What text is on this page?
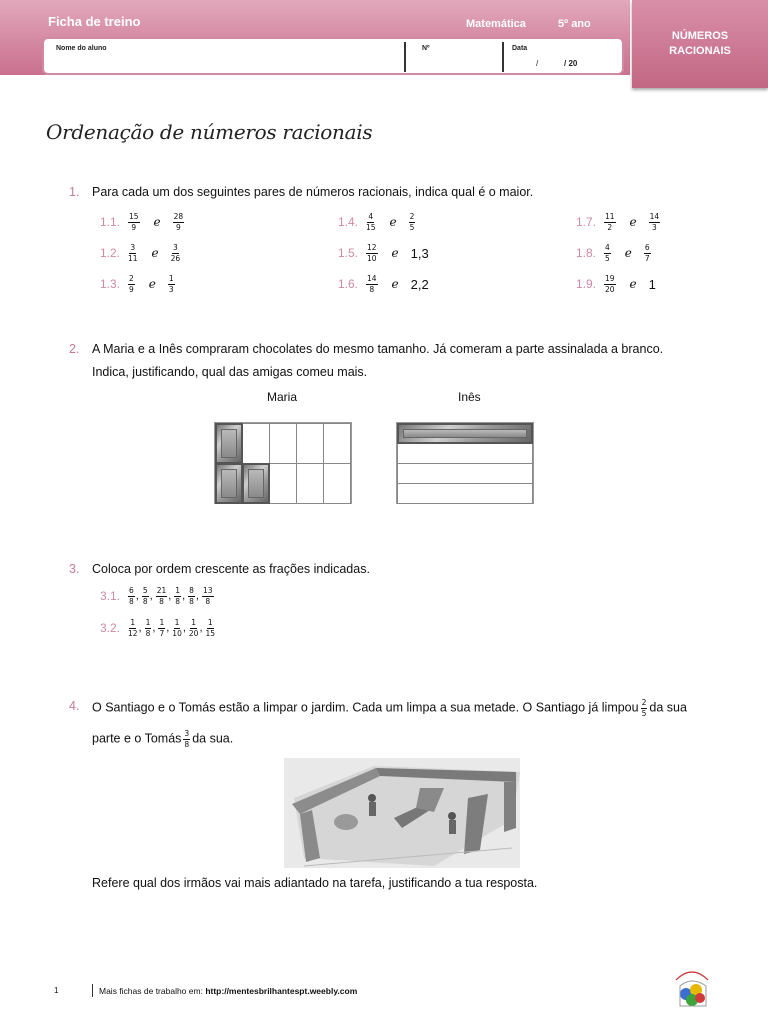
Ficha de treino	Matemática	5º ano
Nome do aluno	Nº	Data
/	/ 20
NÚMEROS
RACIONAIS
Ordenação de números racionais
1. Para cada um dos seguintes pares de números racionais, indica qual é o maior.
1.1.	$\frac{15}{9}$ e $\frac{28}{9}$
1.2.	$\frac{3}{11}$ e $\frac{3}{26}$
1.3.	$\frac{2}{9}$ e $\frac{1}{3}$
1.4.	$\frac{4}{15}$ e $\frac{2}{5}$
1.5.	$\frac{12}{10}$ e 1,3
1.6.	$\frac{14}{8}$ e 2,2
1.7.	$\frac{11}{2}$ e $\frac{14}{3}$
1.8.	$\frac{4}{5}$ e $\frac{6}{7}$
1.9.	$\frac{19}{20}$ e 1
2. A Maria e a Inês compraram chocolates do mesmo tamanho. Já comeram a parte assinalada a branco.
Indica, justificando, qual das amigas comeu mais.
Maria	Inês
3. Coloca por ordem crescente as frações indicadas.
3.1.	$\frac{6}{8}$ , $\frac{5}{8}$ , $\frac{21}{8}$ , $\frac{1}{8}$ , $\frac{8}{8}$ , $\frac{13}{8}$
3.2.	$\frac{1}{12}$ , $\frac{1}{8}$ , $\frac{1}{7}$ , $\frac{1}{10}$ , $\frac{1}{20}$ , $\frac{1}{15}$
4. O Santiago e o Tomás estão a limpar o jardim. Cada um limpa a sua metade. O Santiago já limpou $\frac{2}{5}$ da sua
parte e o Tomás $\frac{3}{8}$ da sua.
Refere qual dos irmãos vai mais adiantado na tarefa, justificando a tua resposta.
1	Mais fichas de trabalho em: http://mentesbrilhantespt.weebly.com
